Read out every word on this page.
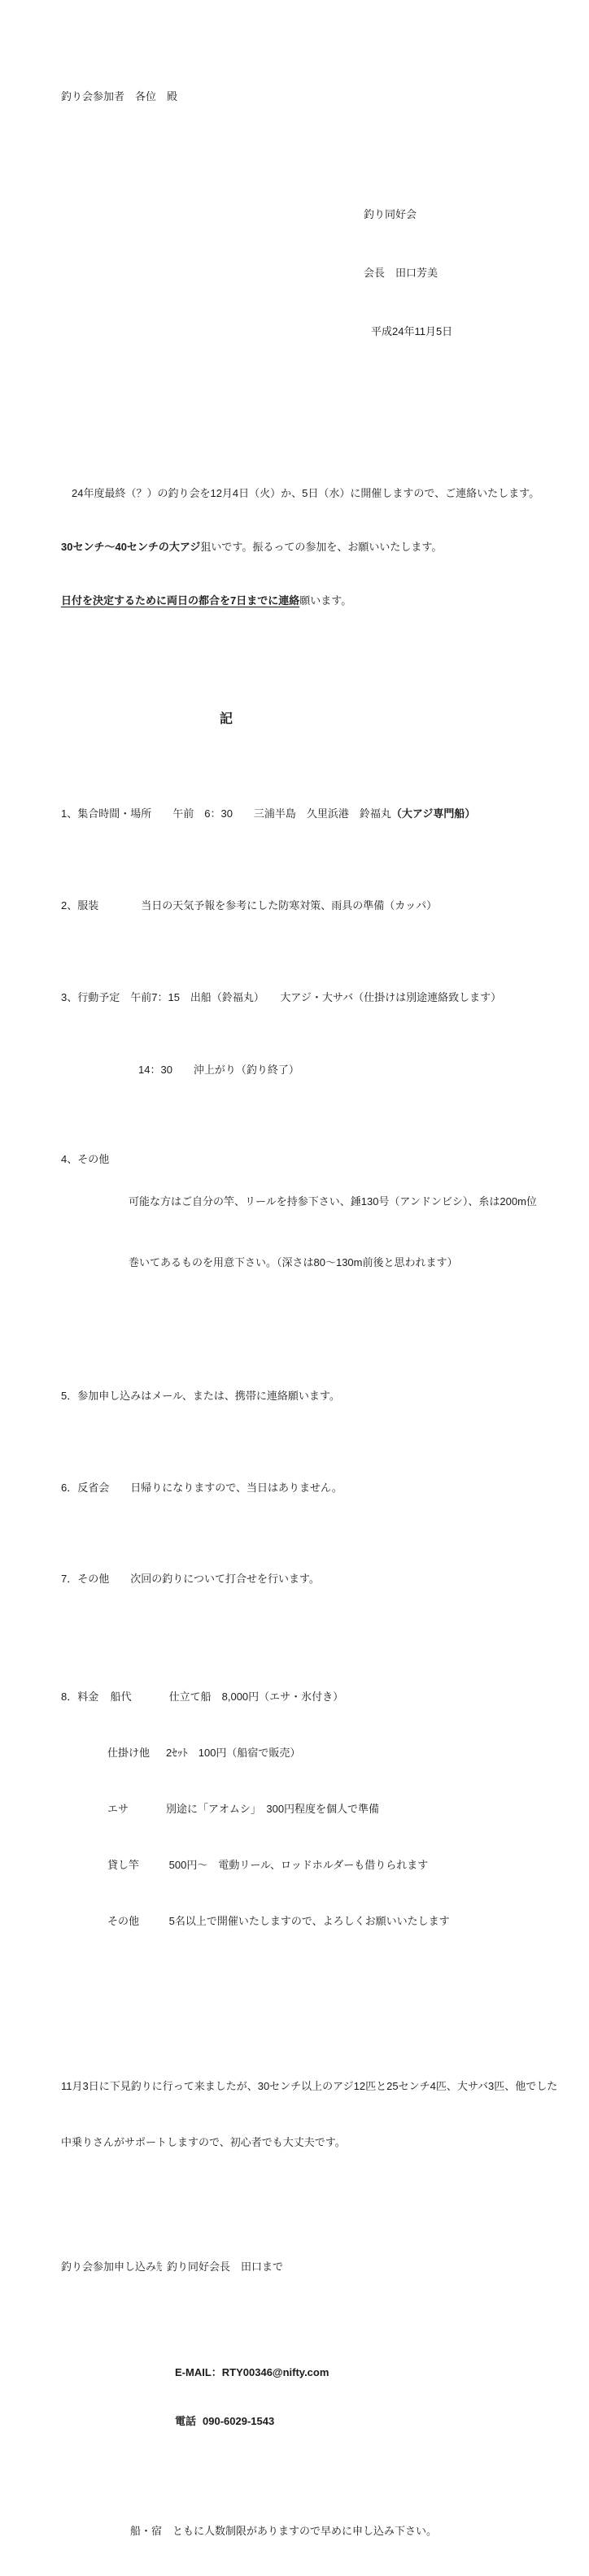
釣り会参加者　各位　殿

釣り同好会

会長　田口芳美

平成24年11月5日

　24年度最終（？）の釣り会を12月4日（火）か、5日（水）に開催しますので、ご連絡いたします。

30センチ～40センチの大アジ狙いです。振るっての参加を、お願いいたします。

日付を決定するために両日の都合を7日までに連絡願います。

記

1、集合時間・場所　　午前　6：30　　三浦半島　久里浜港　鈴福丸（大アジ専門船）

2、服装　　　　当日の天気予報を参考にした防寒対策、雨具の準備（カッパ）

3、行動予定　午前7：15　出船（鈴福丸）　　大アジ・大サバ（仕掛けは別途連絡致します）

14：30　　沖上がり（釣り終了）

4、その他

可能な方はご自分の竿、リールを持参下さい、錘130号（アンドンビシ）、糸は200m位

巻いてあるものを用意下さい。（深さは80～130m前後と思われます）

5．参加申し込みはメール、または、携帯に連絡願います。

6．反省会　　日帰りになりますので、当日はありません。

7．その他　　次回の釣りについて打合せを行います。

8．料金 船代	仕立て船　8,000円（エサ・氷付き）

仕掛け他	2ｾｯﾄ　100円（船宿で販売）

エサ	別途に「アオムシ」　300円程度を個人で準備

貸し竿	500円～　電動リール、ロッドホルダーも借りられます

その他	5名以上で開催いたしますので、よろしくお願いいたします

11月3日に下見釣りに行って来ましたが、30センチ以上のアジ12匹と25センチ4匹、大サバ3匹、他でした

中乗りさんがサポートしますので、初心者でも大丈夫です。

釣り会参加申し込み先 釣り同好会長　田口まで

E-MAIL：RTY00346@nifty.com

電話 090-6029-1543

船・宿　ともに人数制限がありますので早めに申し込み下さい。
